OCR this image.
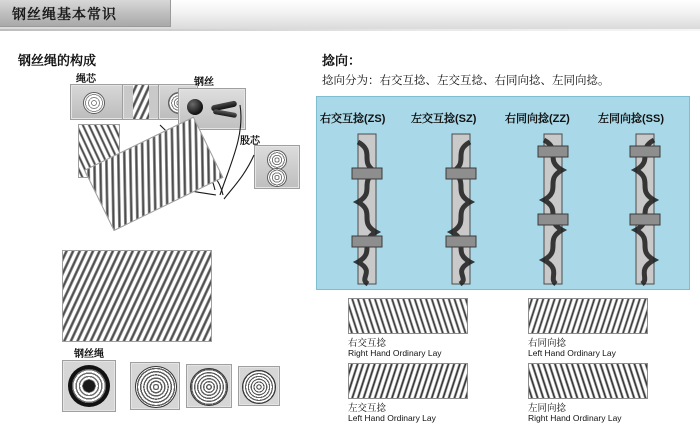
钢丝绳基本常识
钢丝绳的构成
绳芯	钢丝
股芯
钢丝绳
捻向：
捻向分为：右交互捻、左交互捻、右同向捻、左同向捻。
右交互捻(ZS) 左交互捻(SZ)	右同向捻(ZZ)	左同向捻(SS)
右交互捻
Right Hand Ordinary Lay
右同向捻
Left Hand Ordinary Lay
左交互捻
Left Hand Ordinary Lay
左同向捻
Right Hand Ordinary Lay
